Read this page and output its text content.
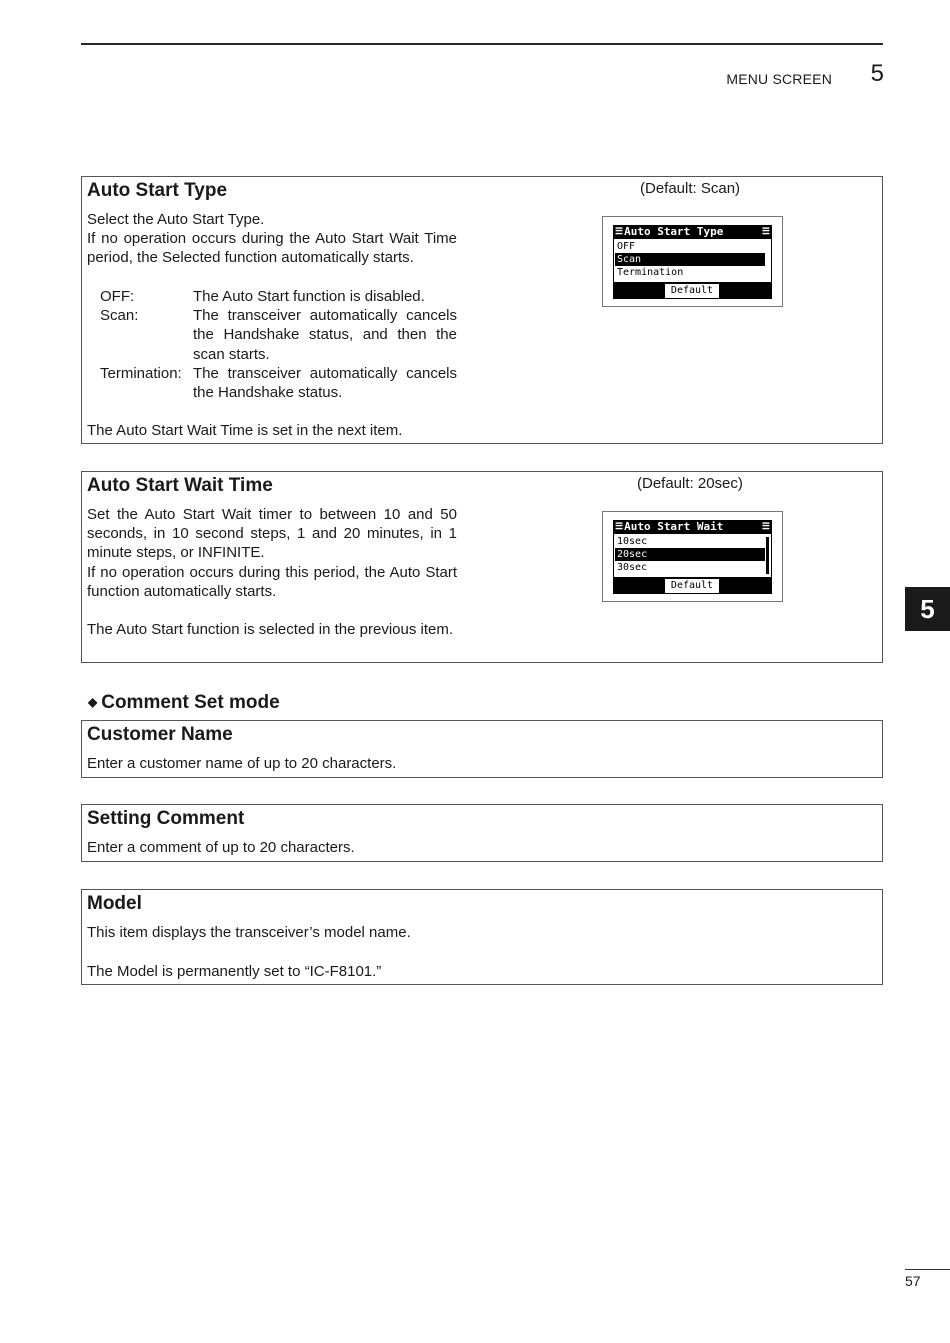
MENU SCREEN	5
Auto Start Type	(Default: Scan)

Select the Auto Start Type.
If no operation occurs during the Auto Start Wait Time period, the Selected function automatically starts.

OFF:	The Auto Start function is disabled.
Scan:	The transceiver automatically cancels the Handshake status, and then the scan starts.
Termination: The transceiver automatically cancels the Handshake status.

The Auto Start Wait Time is set in the next item.

☰ Auto Start Type	☰
OFF
Scan
Termination
Default
Auto Start Wait Time	(Default: 20sec)

Set the Auto Start Wait timer to between 10 and 50 seconds, in 10 second steps, 1 and 20 minutes, in 1 minute steps, or INFINITE.
If no operation occurs during this period, the Auto Start function automatically starts.

The Auto Start function is selected in the previous item.

☰ Auto Start Wait	☰
10sec
20sec
30sec
Default
◆ Comment Set mode
Customer Name

Enter a customer name of up to 20 characters.

Setting Comment

Enter a comment of up to 20 characters.

Model

This item displays the transceiver’s model name.

The Model is permanently set to “IC-F8101.”

5
57
